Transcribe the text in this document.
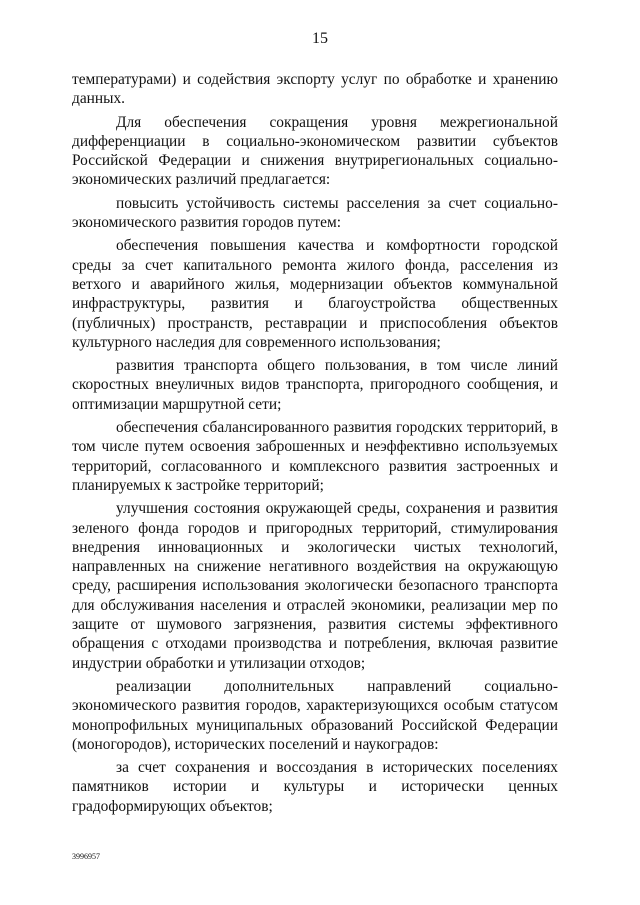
15

температурами) и содействия экспорту услуг по обработке и хранению данных.

Для обеспечения сокращения уровня межрегиональной дифференциации в социально-экономическом развитии субъектов Российской Федерации и снижения внутрирегиональных социально-экономических различий предлагается:

повысить устойчивость системы расселения за счет социально-экономического развития городов путем:

обеспечения повышения качества и комфортности городской среды за счет капитального ремонта жилого фонда, расселения из ветхого и аварийного жилья, модернизации объектов коммунальной инфраструктуры, развития и благоустройства общественных (публичных) пространств, реставрации и приспособления объектов культурного наследия для современного использования;

развития транспорта общего пользования, в том числе линий скоростных внеуличных видов транспорта, пригородного сообщения, и оптимизации маршрутной сети;

обеспечения сбалансированного развития городских территорий, в том числе путем освоения заброшенных и неэффективно используемых территорий, согласованного и комплексного развития застроенных и планируемых к застройке территорий;

улучшения состояния окружающей среды, сохранения и развития зеленого фонда городов и пригородных территорий, стимулирования внедрения инновационных и экологически чистых технологий, направленных на снижение негативного воздействия на окружающую среду, расширения использования экологически безопасного транспорта для обслуживания населения и отраслей экономики, реализации мер по защите от шумового загрязнения, развития системы эффективного обращения с отходами производства и потребления, включая развитие индустрии обработки и утилизации отходов;

реализации дополнительных направлений социально-экономического развития городов, характеризующихся особым статусом монопрофильных муниципальных образований Российской Федерации (моногородов), исторических поселений и наукоградов:

за счет сохранения и воссоздания в исторических поселениях памятников истории и культуры и исторически ценных градоформирующих объектов;

3996957
